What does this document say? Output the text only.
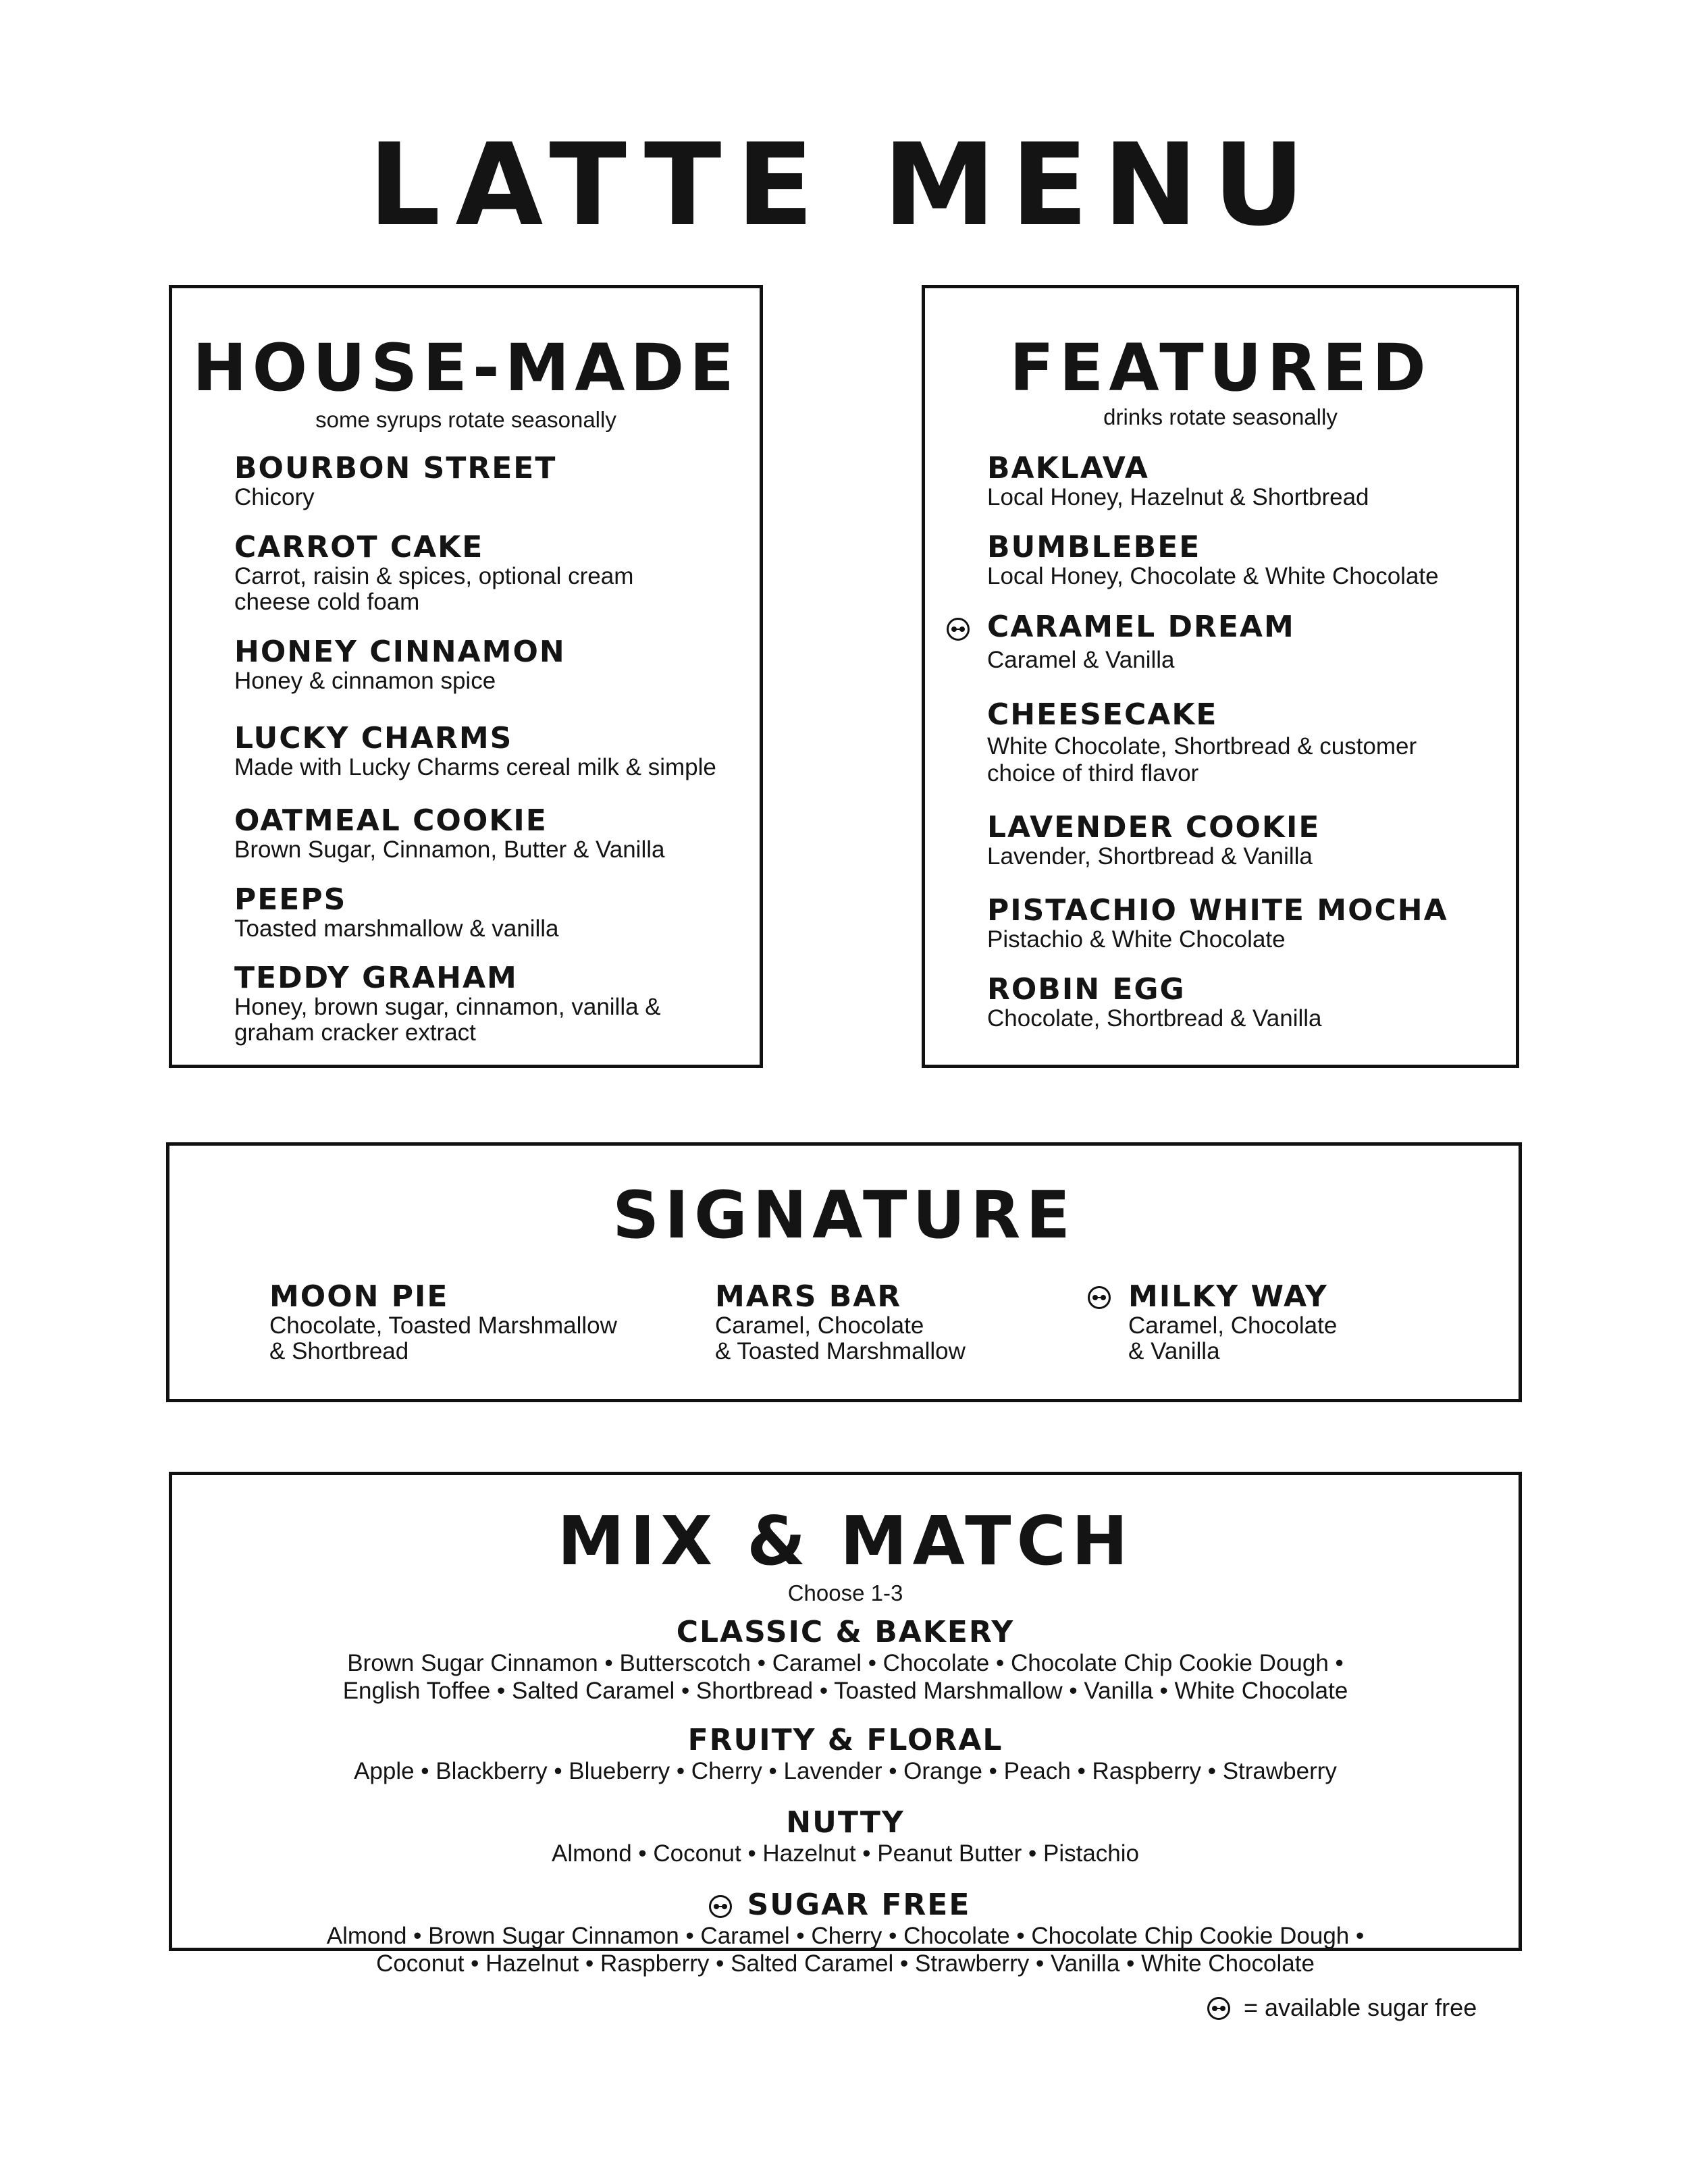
LATTE MENU
HOUSE-MADE
some syrups rotate seasonally
BOURBON STREET
Chicory
CARROT CAKE
Carrot, raisin & spices, optional cream
cheese cold foam
HONEY CINNAMON
Honey & cinnamon spice
LUCKY CHARMS
Made with Lucky Charms cereal milk & simple
OATMEAL COOKIE
Brown Sugar, Cinnamon, Butter & Vanilla
PEEPS
Toasted marshmallow & vanilla
TEDDY GRAHAM
Honey, brown sugar, cinnamon, vanilla &
graham cracker extract
FEATURED
drinks rotate seasonally
BAKLAVA
Local Honey, Hazelnut & Shortbread
BUMBLEBEE
Local Honey, Chocolate & White Chocolate
CARAMEL DREAM
Caramel & Vanilla
CHEESECAKE
White Chocolate, Shortbread & customer
choice of third flavor
LAVENDER COOKIE
Lavender, Shortbread & Vanilla
PISTACHIO WHITE MOCHA
Pistachio & White Chocolate
ROBIN EGG
Chocolate, Shortbread & Vanilla
SIGNATURE
MOON PIE
Chocolate, Toasted Marshmallow
& Shortbread
MARS BAR
Caramel, Chocolate
& Toasted Marshmallow
MILKY WAY
Caramel, Chocolate
& Vanilla
MIX & MATCH
Choose 1-3
CLASSIC & BAKERY
Brown Sugar Cinnamon • Butterscotch • Caramel • Chocolate • Chocolate Chip Cookie Dough •
English Toffee • Salted Caramel • Shortbread • Toasted Marshmallow • Vanilla • White Chocolate
FRUITY & FLORAL
Apple • Blackberry • Blueberry • Cherry • Lavender • Orange • Peach • Raspberry • Strawberry
NUTTY
Almond • Coconut • Hazelnut • Peanut Butter • Pistachio
SUGAR FREE
Almond • Brown Sugar Cinnamon • Caramel • Cherry • Chocolate • Chocolate Chip Cookie Dough •
Coconut • Hazelnut • Raspberry • Salted Caramel • Strawberry • Vanilla • White Chocolate
= available sugar free
